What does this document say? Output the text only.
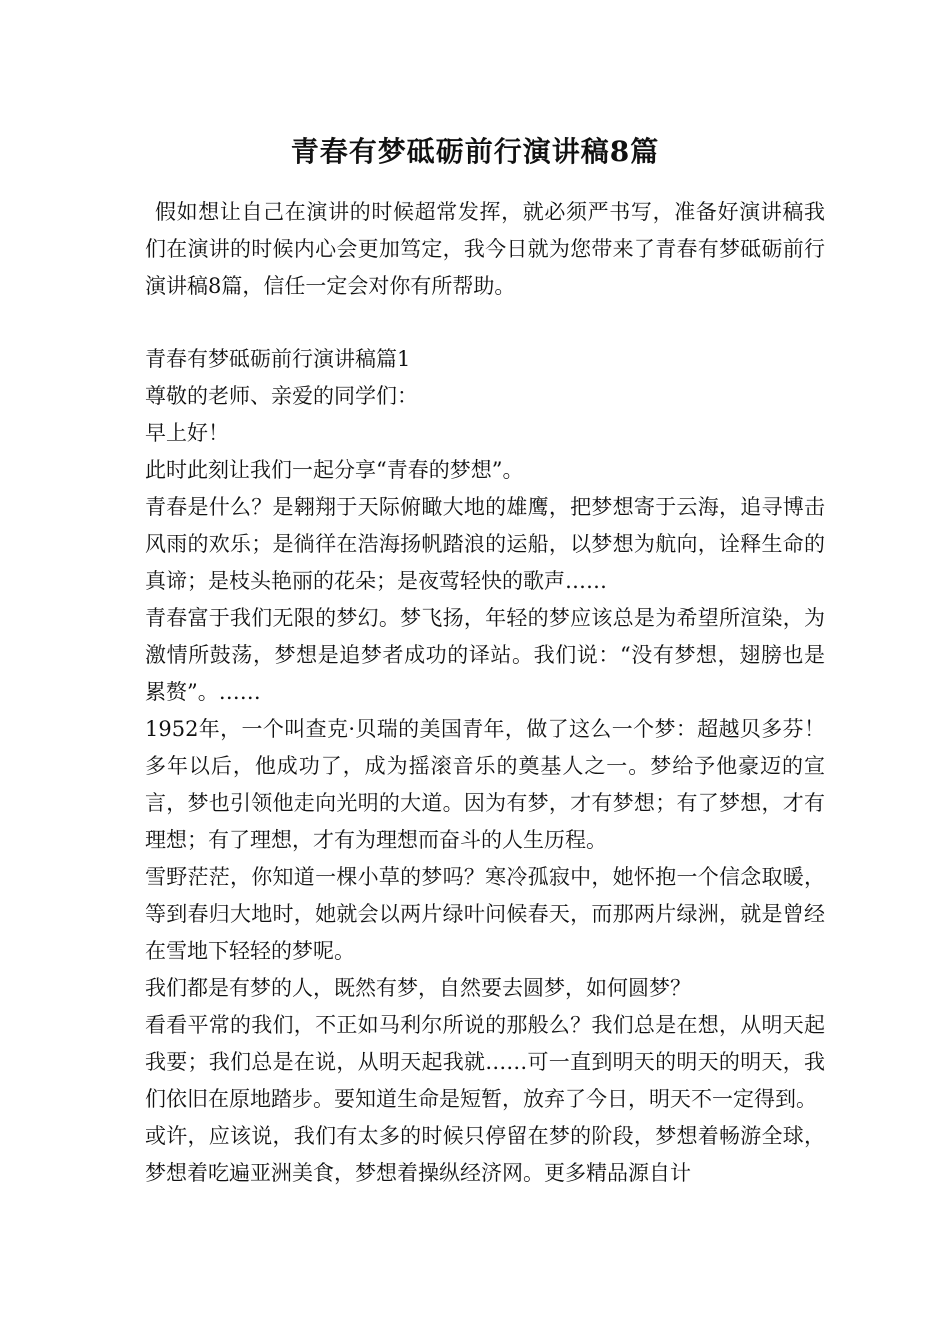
青春有梦砥砺前行演讲稿8篇

假如想让自己在演讲的时候超常发挥，就必须严书写，准备好演讲稿我们在演讲的时候内心会更加笃定，我今日就为您带来了青春有梦砥砺前行演讲稿8篇，信任一定会对你有所帮助。

青春有梦砥砺前行演讲稿篇1

尊敬的老师、亲爱的同学们：

早上好！

此时此刻让我们一起分享“青春的梦想”。

青春是什么？是翱翔于天际俯瞰大地的雄鹰，把梦想寄于云海，追寻博击风雨的欢乐；是徜徉在浩海扬帆踏浪的运船，以梦想为航向，诠释生命的真谛；是枝头艳丽的花朵；是夜莺轻快的歌声……

青春富于我们无限的梦幻。梦飞扬，年轻的梦应该总是为希望所渲染，为激情所鼓荡，梦想是追梦者成功的译站。我们说：“没有梦想，翅膀也是累赘”。……

1952年，一个叫查克·贝瑞的美国青年，做了这么一个梦：超越贝多芬！多年以后，他成功了，成为摇滚音乐的奠基人之一。梦给予他豪迈的宣言，梦也引领他走向光明的大道。因为有梦，才有梦想；有了梦想，才有理想；有了理想，才有为理想而奋斗的人生历程。

雪野茫茫，你知道一棵小草的梦吗？寒冷孤寂中，她怀抱一个信念取暖，等到春归大地时，她就会以两片绿叶问候春天，而那两片绿洲，就是曾经在雪地下轻轻的梦呢。

我们都是有梦的人，既然有梦，自然要去圆梦，如何圆梦？

看看平常的我们，不正如马利尔所说的那般么？我们总是在想，从明天起我要；我们总是在说，从明天起我就……可一直到明天的明天的明天，我们依旧在原地踏步。要知道生命是短暂，放弃了今日，明天不一定得到。

或许，应该说，我们有太多的时候只停留在梦的阶段，梦想着畅游全球，梦想着吃遍亚洲美食，梦想着操纵经济网。更多精品源自计
